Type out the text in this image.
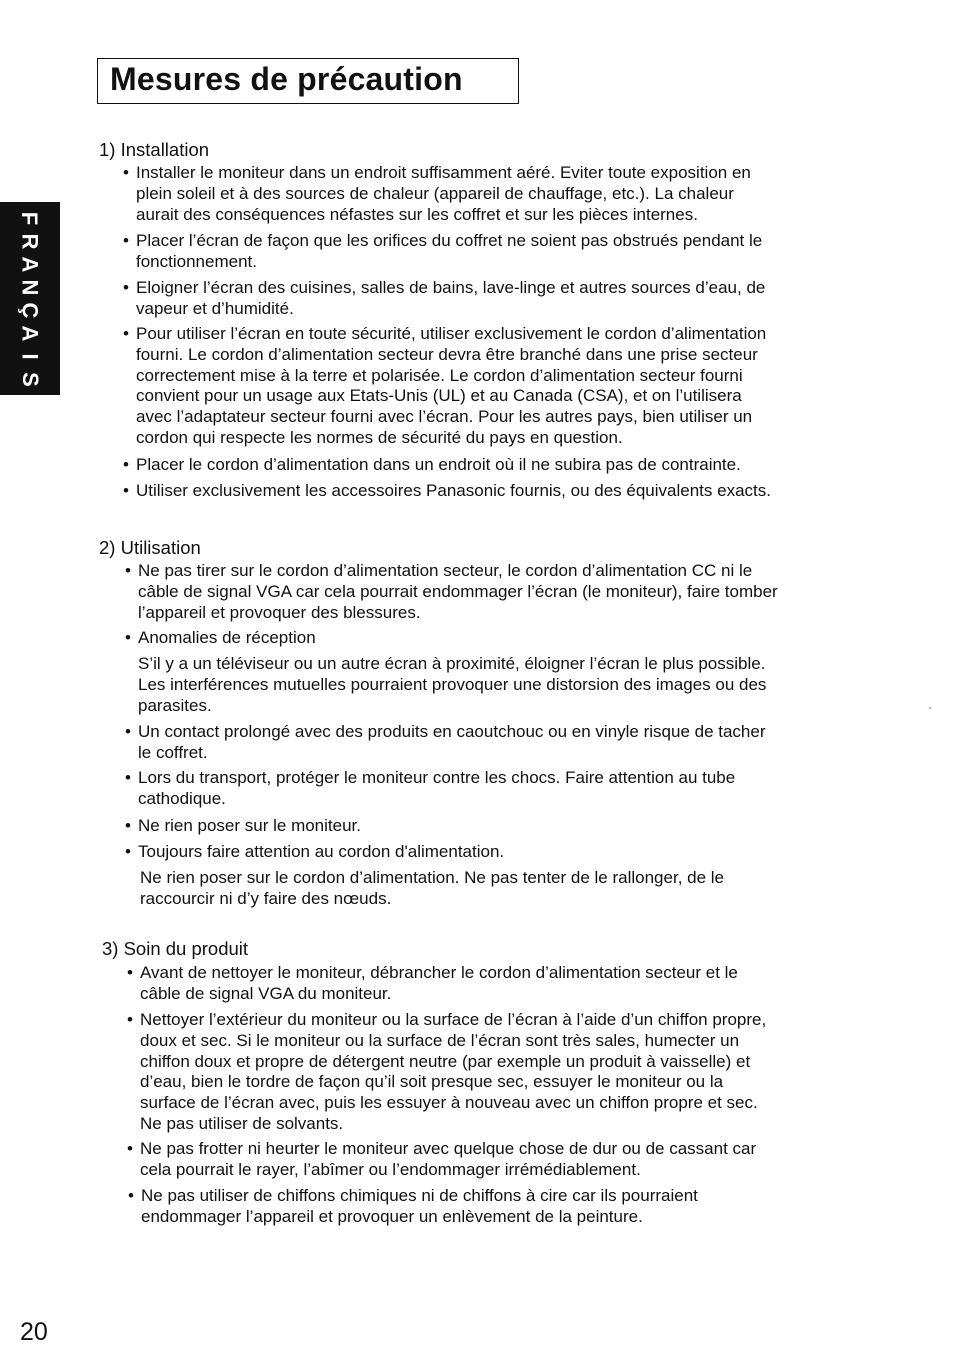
Mesures de précaution
F
R
A
N
Ç
A
I
S
1) Installation
• Installer le moniteur dans un endroit suffisamment aéré. Eviter toute exposition en
plein soleil et à des sources de chaleur (appareil de chauffage, etc.). La chaleur
aurait des conséquences néfastes sur les coffret et sur les pièces internes.
• Placer l’écran de façon que les orifices du coffret ne soient pas obstrués pendant le
fonctionnement.
• Eloigner l’écran des cuisines, salles de bains, lave-linge et autres sources d’eau, de
vapeur et d’humidité.
• Pour utiliser l’écran en toute sécurité, utiliser exclusivement le cordon d’alimentation
fourni. Le cordon d’alimentation secteur devra être branché dans une prise secteur
correctement mise à la terre et polarisée. Le cordon d’alimentation secteur fourni
convient pour un usage aux Etats-Unis (UL) et au Canada (CSA), et on l’utilisera
avec l’adaptateur secteur fourni avec l’écran. Pour les autres pays, bien utiliser un
cordon qui respecte les normes de sécurité du pays en question.
• Placer le cordon d’alimentation dans un endroit où il ne subira pas de contrainte.
• Utiliser exclusivement les accessoires Panasonic fournis, ou des équivalents exacts.
2) Utilisation
• Ne pas tirer sur le cordon d’alimentation secteur, le cordon d’alimentation CC ni le
câble de signal VGA car cela pourrait endommager l’écran (le moniteur), faire tomber
l’appareil et provoquer des blessures.
• Anomalies de réception
S’il y a un téléviseur ou un autre écran à proximité, éloigner l’écran le plus possible.
Les interférences mutuelles pourraient provoquer une distorsion des images ou des
parasites.
• Un contact prolongé avec des produits en caoutchouc ou en vinyle risque de tacher
le coffret.
• Lors du transport, protéger le moniteur contre les chocs. Faire attention au tube
cathodique.
• Ne rien poser sur le moniteur.
• Toujours faire attention au cordon d'alimentation.
Ne rien poser sur le cordon d’alimentation. Ne pas tenter de le rallonger, de le
raccourcir ni d’y faire des nœuds.
3) Soin du produit
• Avant de nettoyer le moniteur, débrancher le cordon d’alimentation secteur et le
câble de signal VGA du moniteur.
• Nettoyer l’extérieur du moniteur ou la surface de l’écran à l’aide d’un chiffon propre,
doux et sec. Si le moniteur ou la surface de l’écran sont très sales, humecter un
chiffon doux et propre de détergent neutre (par exemple un produit à vaisselle) et
d’eau, bien le tordre de façon qu’il soit presque sec, essuyer le moniteur ou la
surface de l’écran avec, puis les essuyer à nouveau avec un chiffon propre et sec.
Ne pas utiliser de solvants.
• Ne pas frotter ni heurter le moniteur avec quelque chose de dur ou de cassant car
cela pourrait le rayer, l’abîmer ou l’endommager irrémédiablement.
• Ne pas utiliser de chiffons chimiques ni de chiffons à cire car ils pourraient
endommager l’appareil et provoquer un enlèvement de la peinture.

20
